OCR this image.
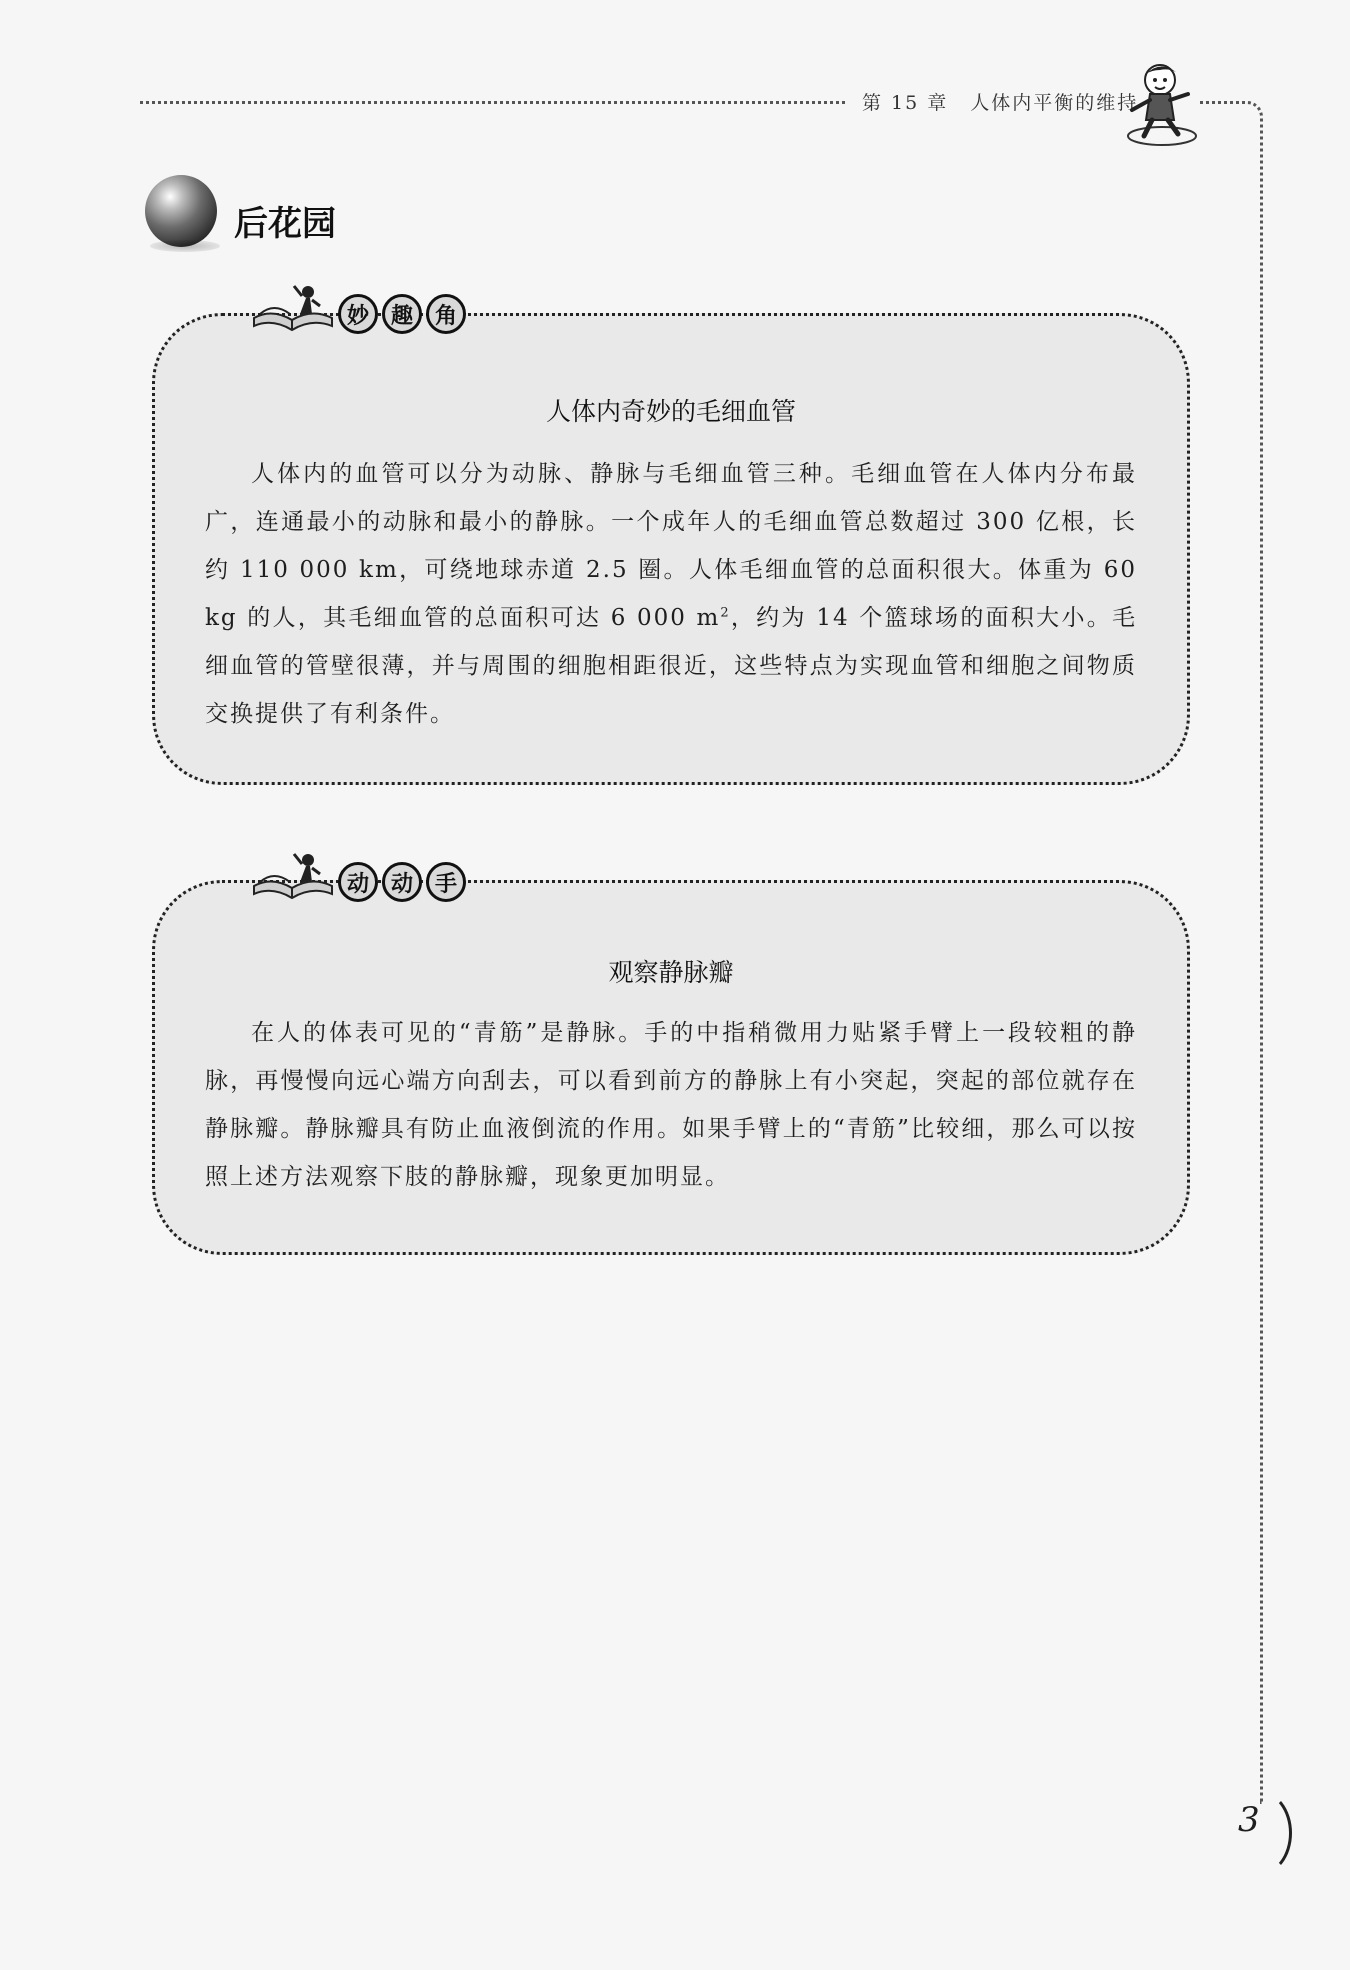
第 15 章 人体内平衡的维持
3
后花园
人体内奇妙的毛细血管

人体内的血管可以分为动脉、静脉与毛细血管三种。毛细血管在人体内分布最广，连通最小的动脉和最小的静脉。一个成年人的毛细血管总数超过 300 亿根，长约 110 000 km，可绕地球赤道 2.5 圈。人体毛细血管的总面积很大。体重为 60 kg 的人，其毛细血管的总面积可达 6 000 $m^2$，约为 14 个篮球场的面积大小。毛细血管的管壁很薄，并与周围的细胞相距很近，这些特点为实现血管和细胞之间物质交换提供了有利条件。

妙 趣 角
观察静脉瓣

在人的体表可见的“青筋”是静脉。手的中指稍微用力贴紧手臂上一段较粗的静脉，再慢慢向远心端方向刮去，可以看到前方的静脉上有小突起，突起的部位就存在静脉瓣。静脉瓣具有防止血液倒流的作用。如果手臂上的“青筋”比较细，那么可以按照上述方法观察下肢的静脉瓣，现象更加明显。

动 动 手
